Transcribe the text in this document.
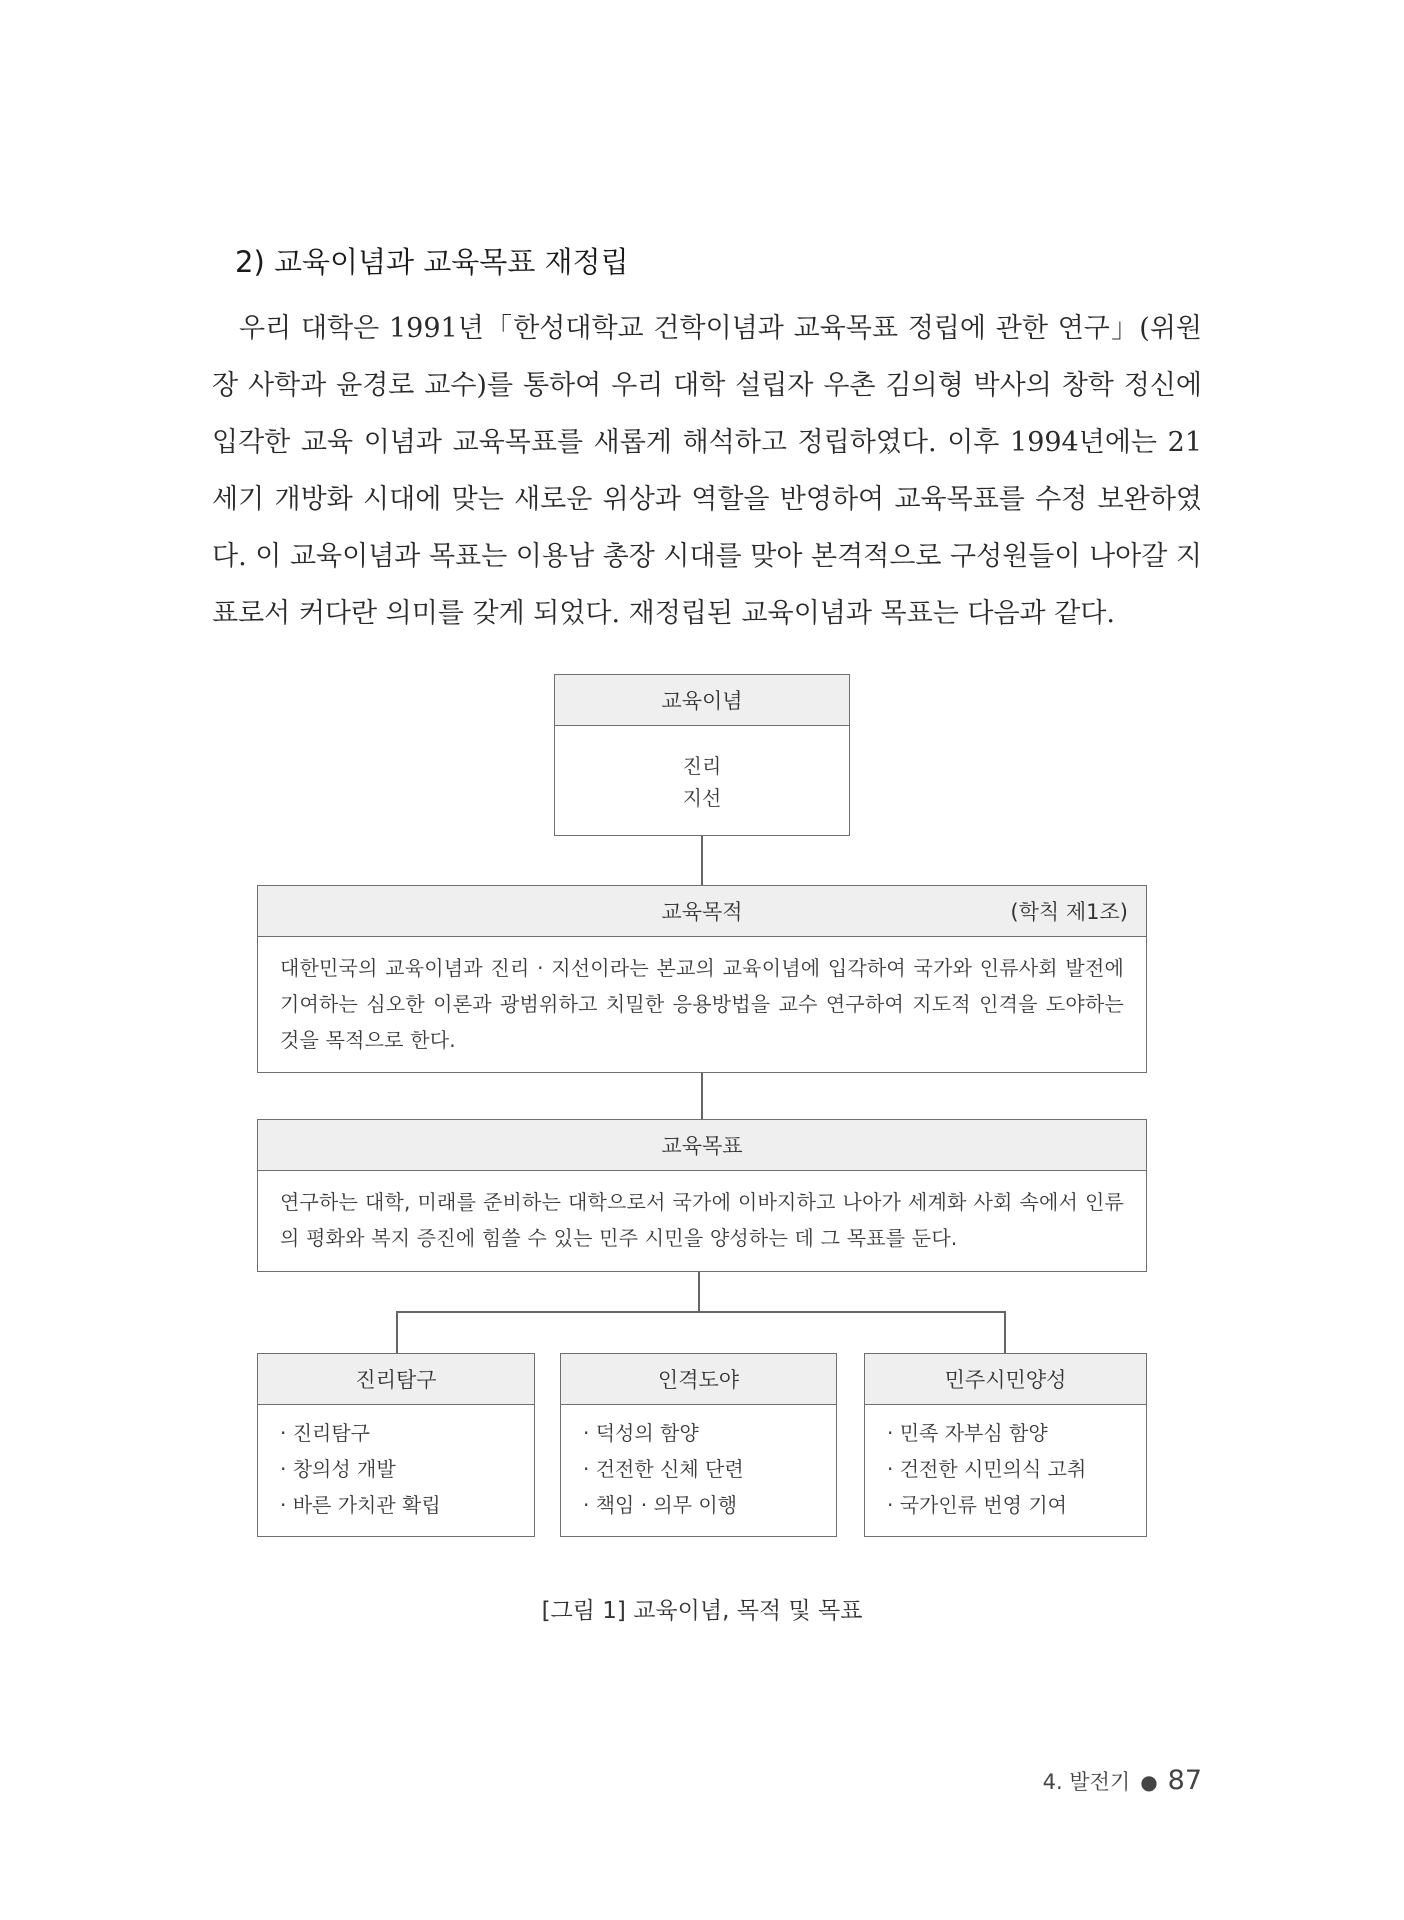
2) 교육이념과 교육목표 재정립

우리 대학은 1991년「한성대학교 건학이념과 교육목표 정립에 관한 연구」(위원장 사학과 윤경로 교수)를 통하여 우리 대학 설립자 우촌 김의형 박사의 창학 정신에 입각한 교육 이념과 교육목표를 새롭게 해석하고 정립하였다. 이후 1994년에는 21세기 개방화 시대에 맞는 새로운 위상과 역할을 반영하여 교육목표를 수정 보완하였다. 이 교육이념과 목표는 이용남 총장 시대를 맞아 본격적으로 구성원들이 나아갈 지표로서 커다란 의미를 갖게 되었다. 재정립된 교육이념과 목표는 다음과 같다.

교육이념
진리
지선
교육목적	(학칙 제1조)
대한민국의 교육이념과 진리 · 지선이라는 본교의 교육이념에 입각하여 국가와 인류사회 발전에 기여하는 심오한 이론과 광범위하고 치밀한 응용방법을 교수 연구하여 지도적 인격을 도야하는 것을 목적으로 한다.
교육목표
연구하는 대학, 미래를 준비하는 대학으로서 국가에 이바지하고 나아가 세계화 사회 속에서 인류의 평화와 복지 증진에 힘쓸 수 있는 민주 시민을 양성하는 데 그 목표를 둔다.
진리탐구
· 진리탐구
· 창의성 개발
· 바른 가치관 확립
인격도야
· 덕성의 함양
· 건전한 신체 단련
· 책임 · 의무 이행
민주시민양성
· 민족 자부심 함양
· 건전한 시민의식 고취
· 국가인류 번영 기여
[그림 1] 교육이념, 목적 및 목표
4. 발전기 ● 87
